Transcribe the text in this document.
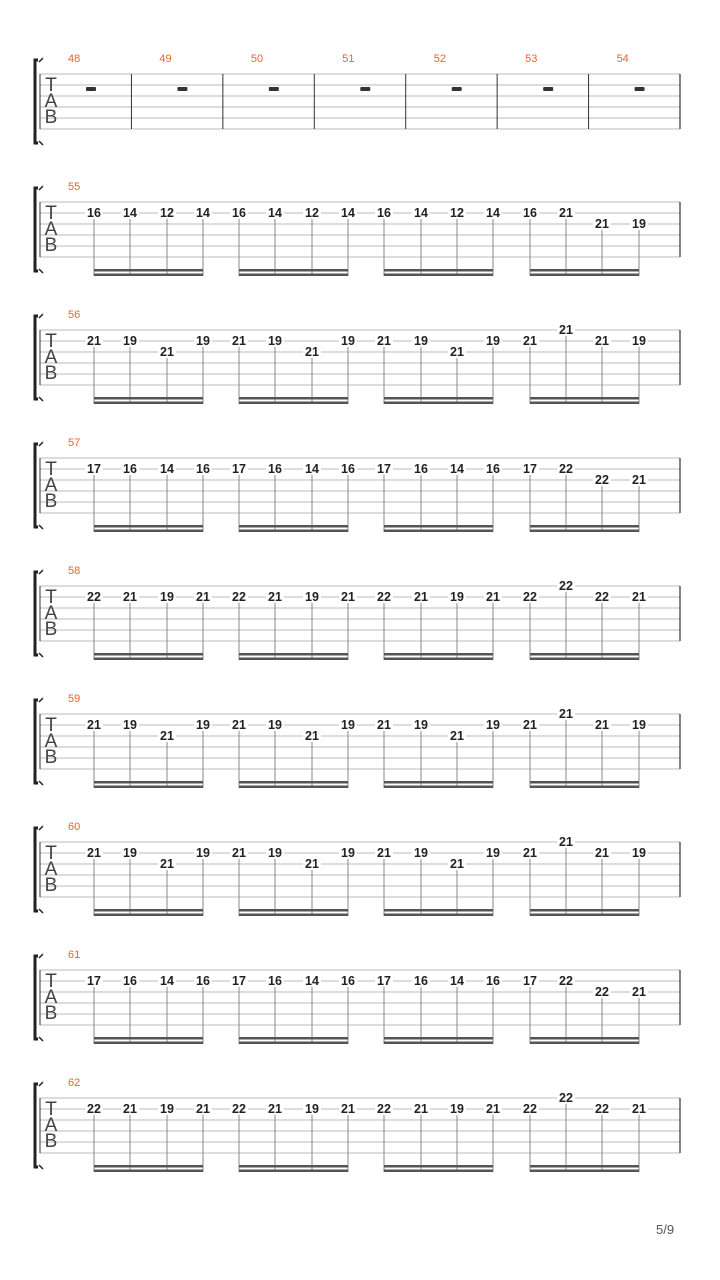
T
A
B
48	49	50	51	52	53	54
T
A
B
55
16 14 12 14 16 14 12 14 16 14 12 14 16 21
21 19
T
A
B
56
21 19
21
19 21 19
21
19 21 19
21
19 21
21
21 19
T
A
B
57
17 16 14 16 17 16 14 16 17 16 14 16 17 22
22 21
T
A
B
58
22 21 19 21 22 21 19 21 22 21 19 21 22
22
22 21
T
A
B
59
21 19
21
19 21 19
21
19 21 19
21
19 21
21
21 19
T
A
B
60
21 19
21
19 21 19
21
19 21 19
21
19 21
21
21 19
T
A
B
61
17 16 14 16 17 16 14 16 17 16 14 16 17 22
22 21
T
A
B
62
22 21 19 21 22 21 19 21 22 21 19 21 22
22
22 21
5/9
